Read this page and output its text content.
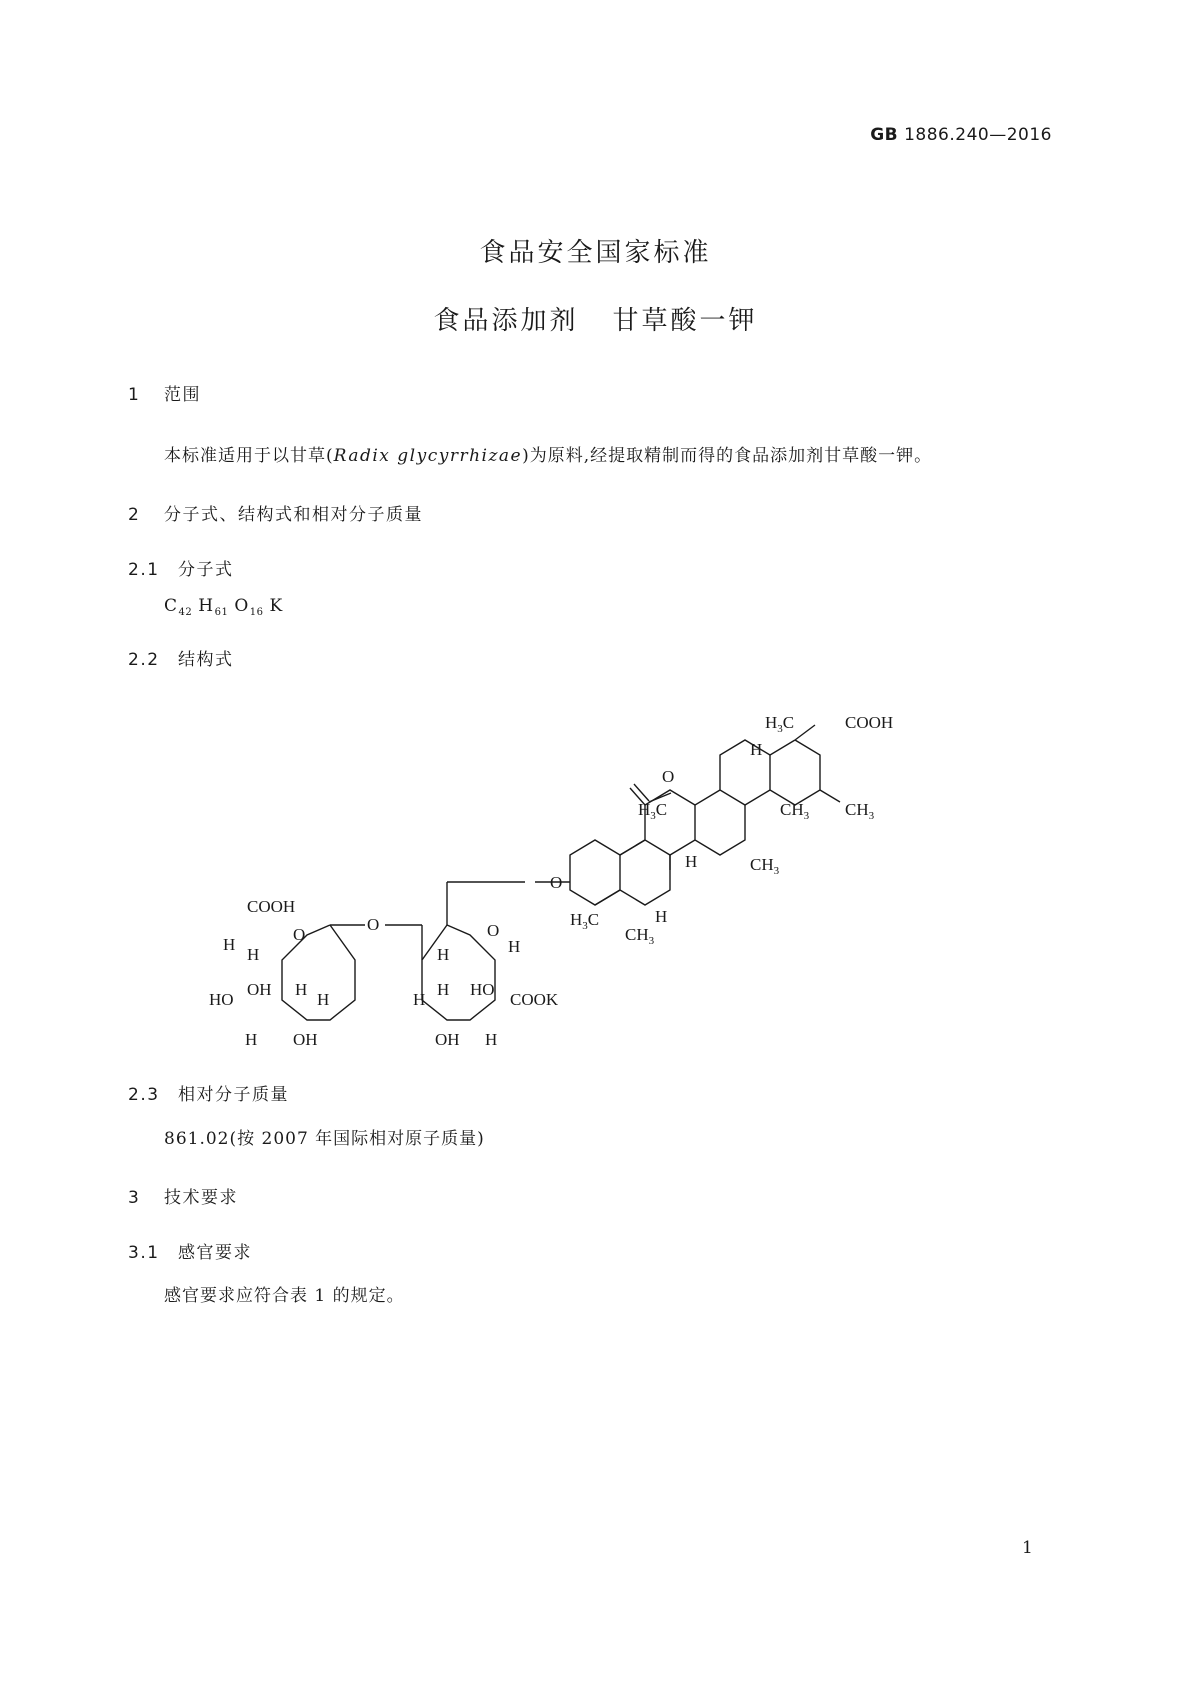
GB 1886.240—2016
食品安全国家标准
食品添加剂 甘草酸一钾
1 范围
本标准适用于以甘草(Radix glycyrrhizae)为原料,经提取精制而得的食品添加剂甘草酸一钾。
2 分子式、结构式和相对分子质量
2.1 分子式
$C_{42}$ $H_{61}$ $O_{16}$ K
2.2 结构式
$H_3C$	COOH
H
O
$H_3C$	$CH_3$ $CH_3$
H	$CH_3$
O
$H_3C$	H
$CH_3$
COOH
O
O
H
H
HO
OH H
H
H OH
O
H
H
H
H HO
COOK
OH H
2.3 相对分子质量
861.02(按 2007 年国际相对原子质量)
3 技术要求
3.1 感官要求
感官要求应符合表 1 的规定。
1
